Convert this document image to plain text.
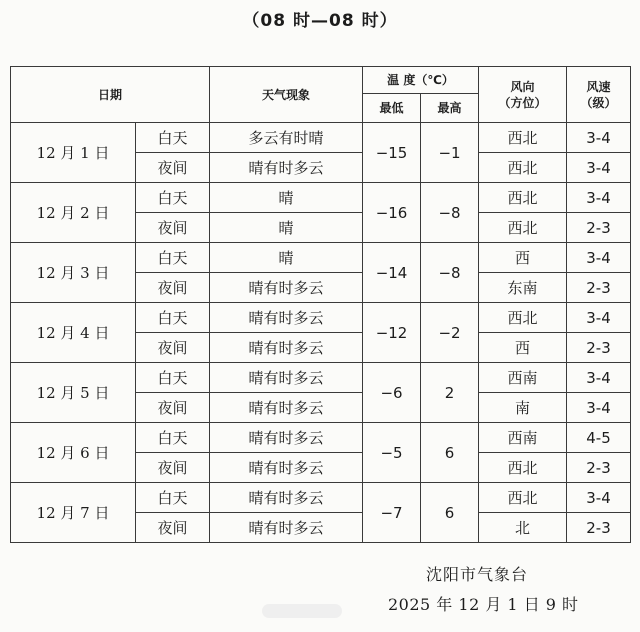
（08 时—08 时）
日期		天气现象	温 度（℃）		风向
（方位）	风速
（级）
			最低	最高		
12 月 1 日	白天	多云有时晴	−15	−1	西北	3-4
	夜间	晴有时多云			西北	3-4
12 月 2 日	白天	晴	−16	−8	西北	3-4
	夜间	晴			西北	2-3
12 月 3 日	白天	晴	−14	−8	西	3-4
	夜间	晴有时多云			东南	2-3
12 月 4 日	白天	晴有时多云	−12	−2	西北	3-4
	夜间	晴有时多云			西	2-3
12 月 5 日	白天	晴有时多云	−6	2	西南	3-4
	夜间	晴有时多云			南	3-4
12 月 6 日	白天	晴有时多云	−5	6	西南	4-5
	夜间	晴有时多云			西北	2-3
12 月 7 日	白天	晴有时多云	−7	6	西北	3-4
	夜间	晴有时多云			北	2-3
沈阳市气象台
2025 年 12 月 1 日 9 时
